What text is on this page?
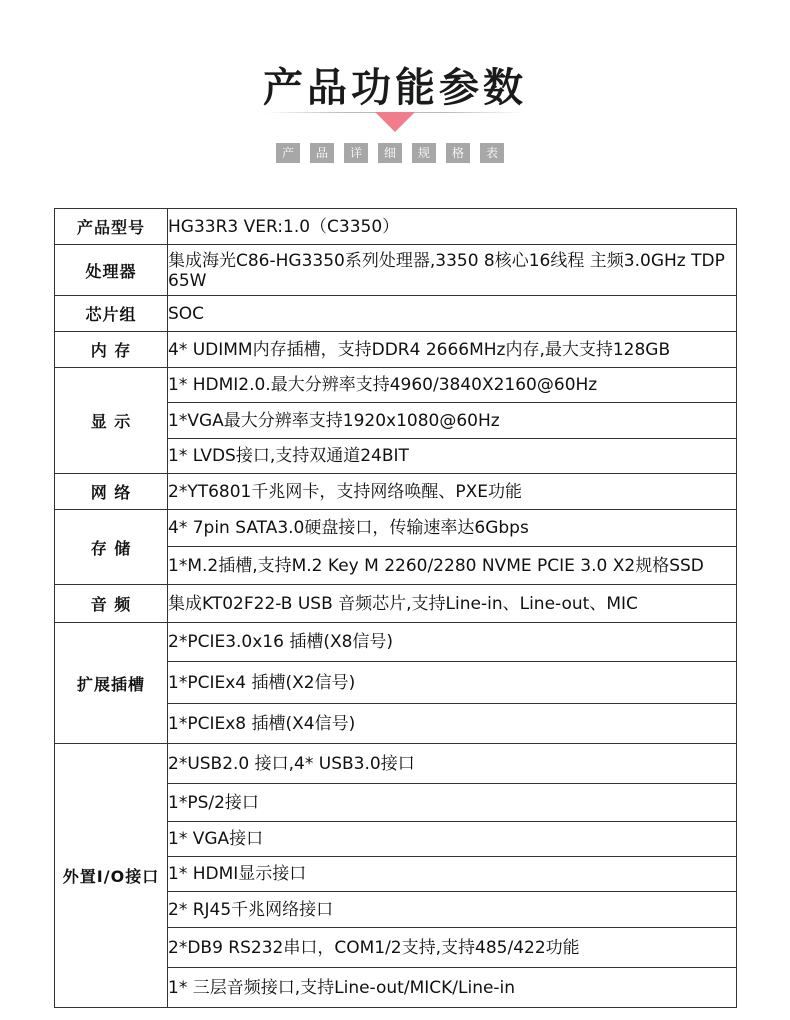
产品功能参数
产	品	详	细	规	格	表
产品型号	HG33R3 VER:1.0（C3350）
处理器	集成海光C86-HG3350系列处理器,3350 8核心16线程 主频3.0GHz TDP 65W
芯片组	SOC
内 存	4* UDIMM内存插槽，支持DDR4 2666MHz内存,最大支持128GB
显 示	1* HDMI2.0.最大分辨率支持4960/3840X2160@60Hz
	1*VGA最大分辨率支持1920x1080@60Hz
	1* LVDS接口,支持双通道24BIT
网 络	2*YT6801千兆网卡，支持网络唤醒、PXE功能
存 储	4* 7pin SATA3.0硬盘接口，传输速率达6Gbps
	1*M.2插槽,支持M.2 Key M 2260/2280 NVME PCIE 3.0 X2规格SSD
音 频	集成KT02F22-B USB 音频芯片,支持Line-in、Line-out、MIC
扩展插槽	2*PCIE3.0x16 插槽(X8信号)
	1*PCIEx4 插槽(X2信号)
	1*PCIEx8 插槽(X4信号)
外置I/O接口	2*USB2.0 接口,4* USB3.0接口
	1*PS/2接口
	1* VGA接口
	1* HDMI显示接口
	2* RJ45千兆网络接口
	2*DB9 RS232串口，COM1/2支持,支持485/422功能
	1* 三层音频接口,支持Line-out/MICK/Line-in
